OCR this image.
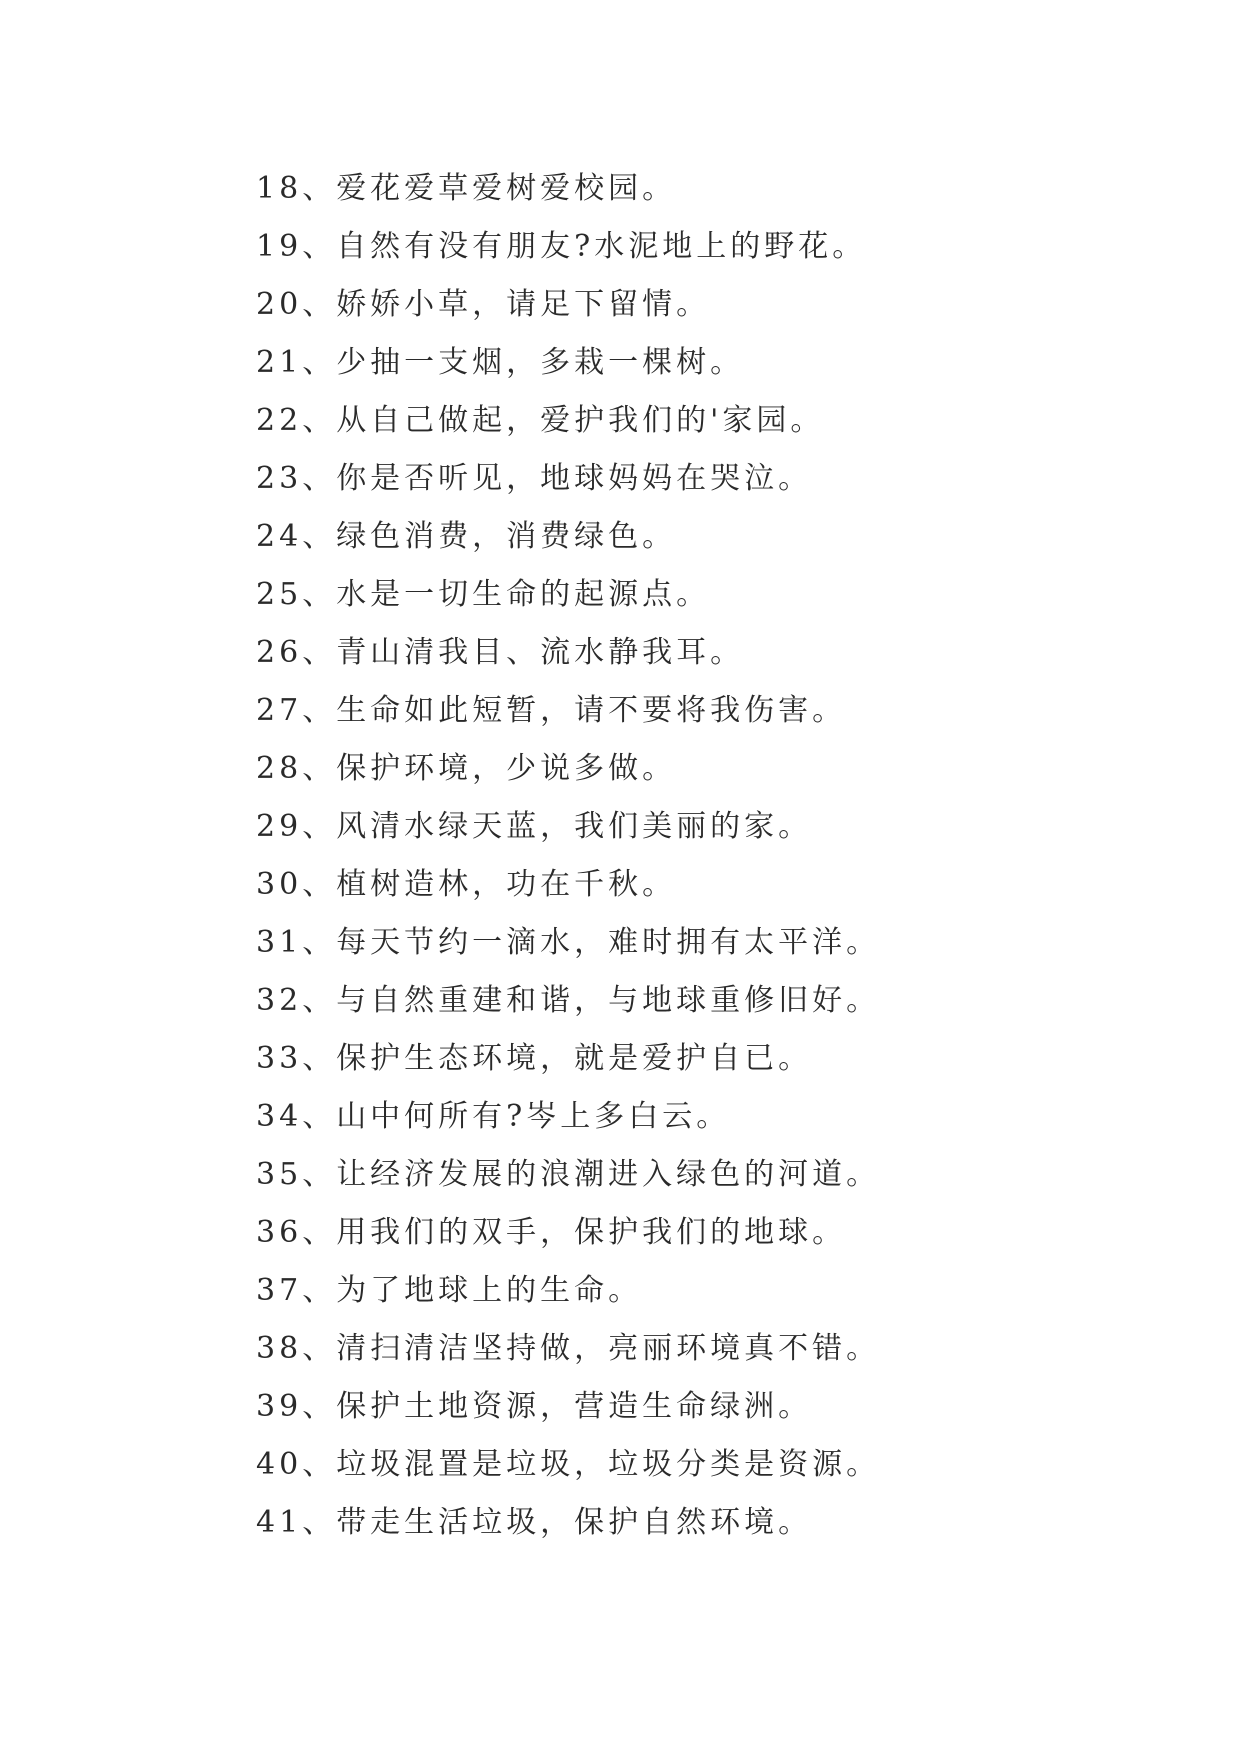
18、爱花爱草爱树爱校园。
19、自然有没有朋友?水泥地上的野花。
20、娇娇小草，请足下留情。
21、少抽一支烟，多栽一棵树。
22、从自己做起，爱护我们的'家园。
23、你是否听见，地球妈妈在哭泣。
24、绿色消费，消费绿色。
25、水是一切生命的起源点。
26、青山清我目、流水静我耳。
27、生命如此短暂，请不要将我伤害。
28、保护环境，少说多做。
29、风清水绿天蓝，我们美丽的家。
30、植树造林，功在千秋。
31、每天节约一滴水，难时拥有太平洋。
32、与自然重建和谐，与地球重修旧好。
33、保护生态环境，就是爱护自已。
34、山中何所有?岑上多白云。
35、让经济发展的浪潮进入绿色的河道。
36、用我们的双手，保护我们的地球。
37、为了地球上的生命。
38、清扫清洁坚持做，亮丽环境真不错。
39、保护土地资源，营造生命绿洲。
40、垃圾混置是垃圾，垃圾分类是资源。
41、带走生活垃圾，保护自然环境。
